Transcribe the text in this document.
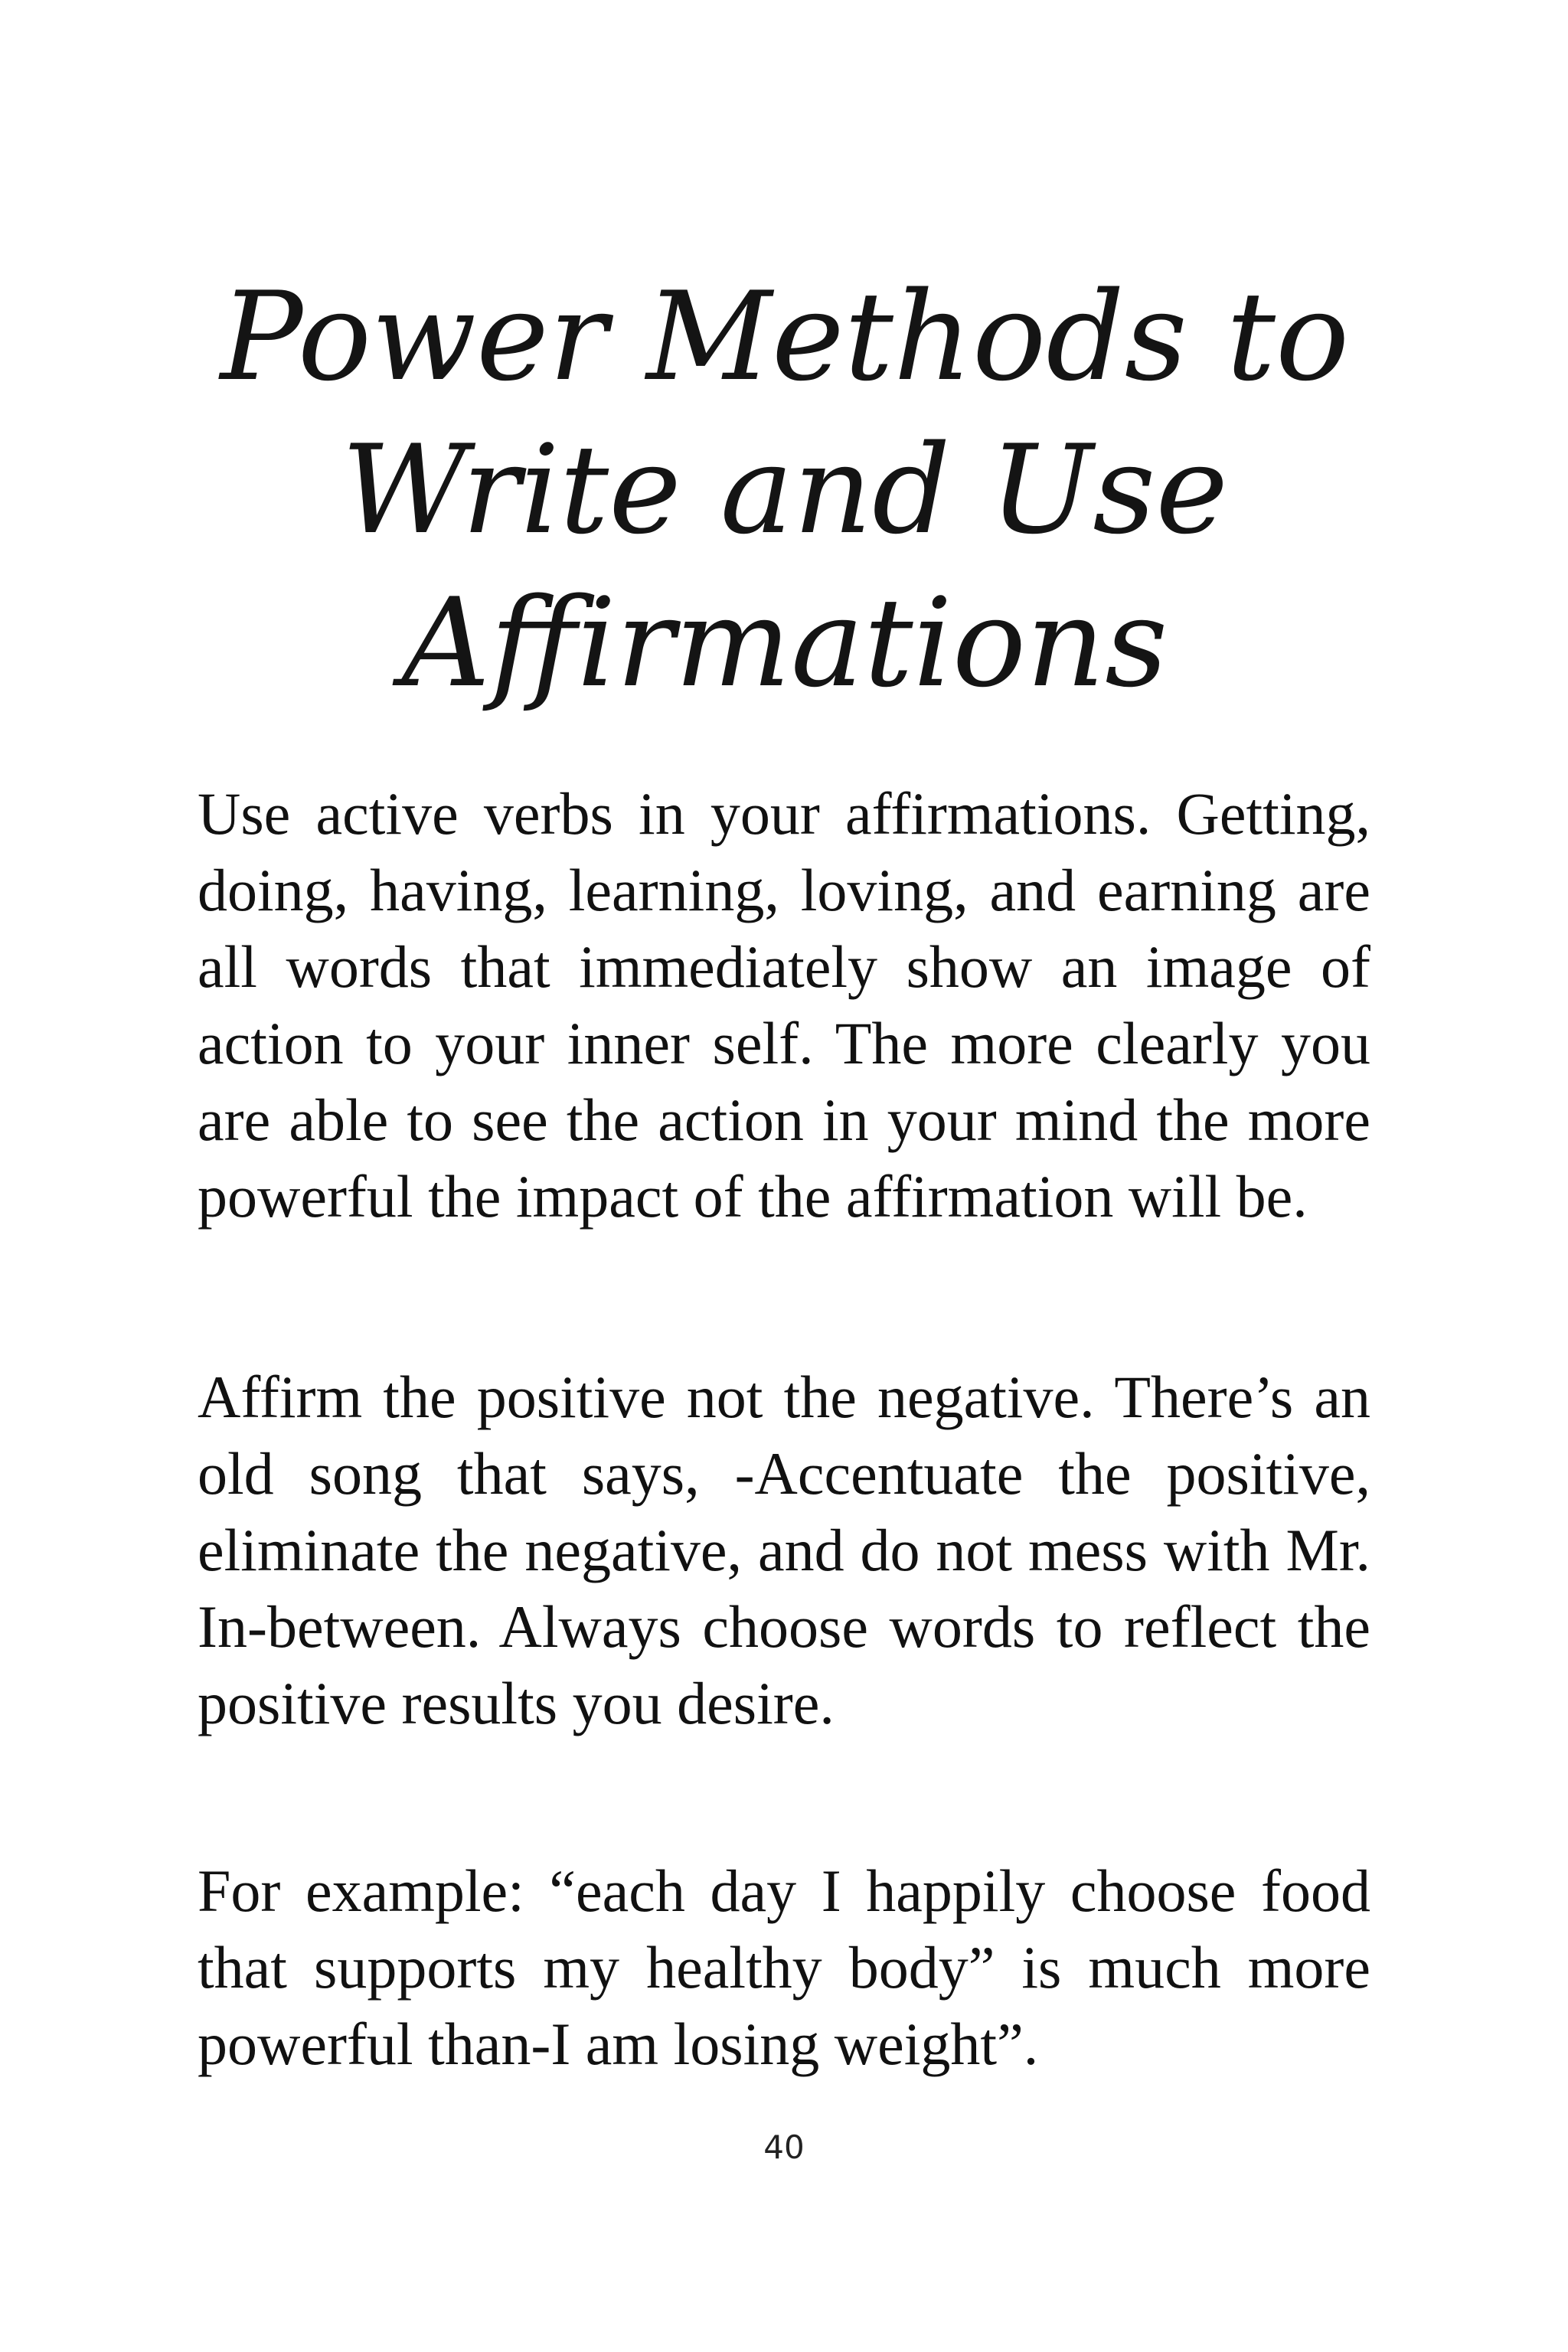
Power Methods to
Write and Use
Affirmations

Use active verbs in your affirmations. Getting, doing, having, learning, loving, and earning are all words that immediately show an image of action to your inner self. The more clearly you are able to see the action in your mind the more powerful the impact of the affirmation will be.

Affirm the positive not the negative. There’s an old song that says, -Accentuate the positive, eliminate the negative, and do not mess with Mr. In-between. Always choose words to reflect the positive results you desire.

For example: “each day I happily choose food that supports my healthy body” is much more powerful than-I am losing weight”.

40
